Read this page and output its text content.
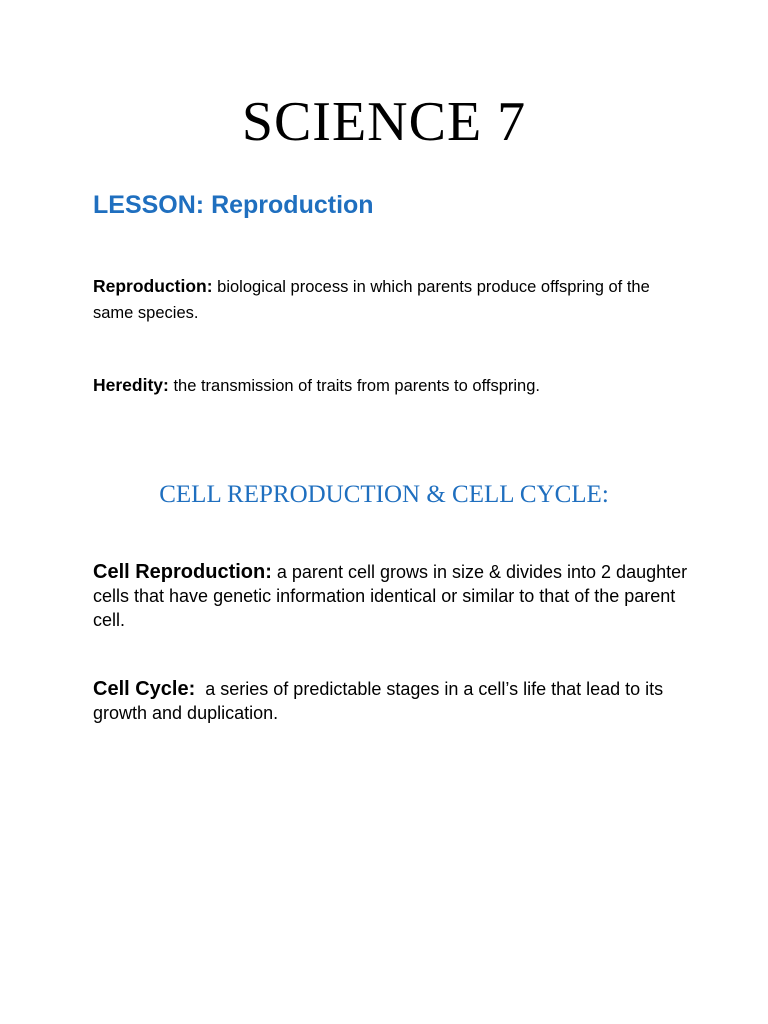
SCIENCE 7
LESSON: Reproduction

Reproduction: biological process in which parents produce offspring of the same species.

Heredity: the transmission of traits from parents to offspring.

CELL REPRODUCTION & CELL CYCLE:

Cell Reproduction: a parent cell grows in size & divides into 2 daughter cells that have genetic information identical or similar to that of the parent cell.

Cell Cycle:  a series of predictable stages in a cell’s life that lead to its growth and duplication.
